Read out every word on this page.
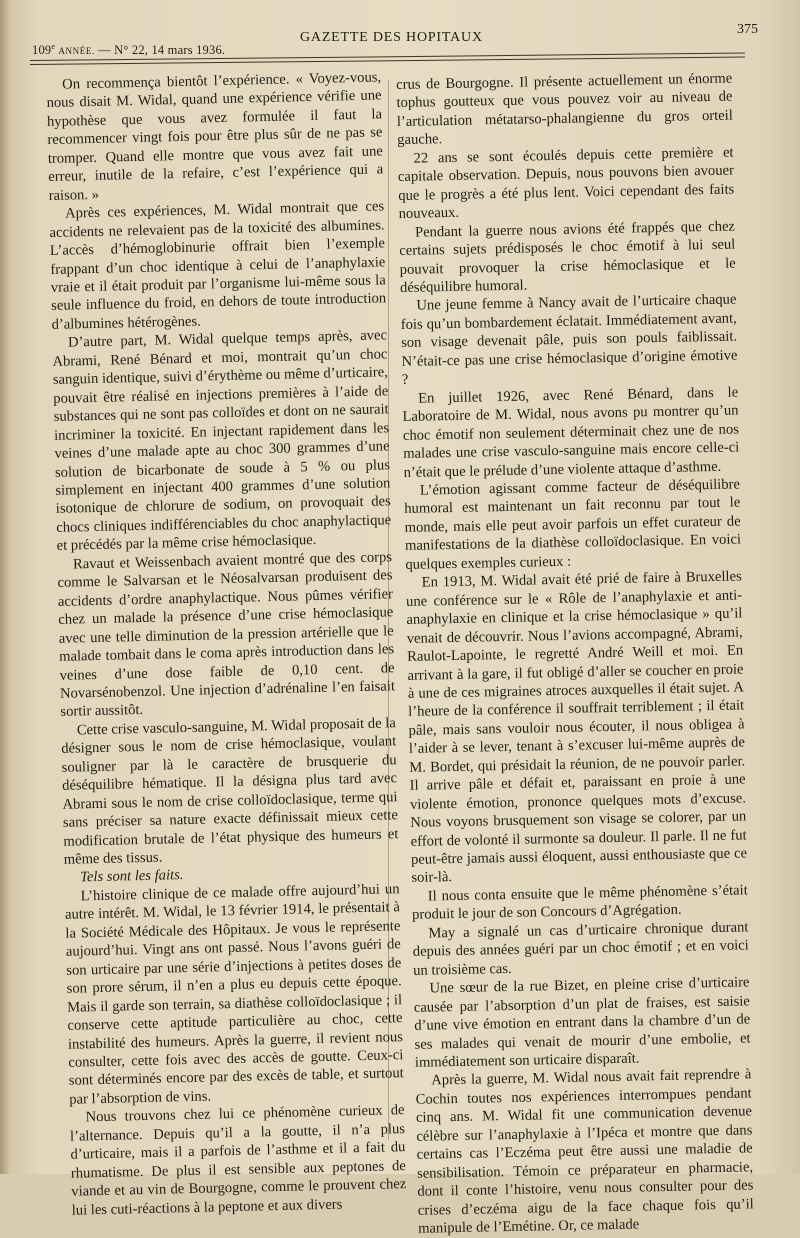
109e ANNÉE. — N° 22, 14 mars 1936.
GAZETTE DES HOPITAUX
375

On recommença bientôt l’expérience. « Voyez-vous, nous disait M. Widal, quand une expérience vérifie une hypothèse que vous avez formulée il faut la recommencer vingt fois pour être plus sûr de ne pas se tromper. Quand elle montre que vous avez fait une erreur, inutile de la refaire, c’est l’expérience qui a raison. »

Après ces expériences, M. Widal montrait que ces accidents ne relevaient pas de la toxicité des albumines. L’accès d’hémoglobinurie offrait bien l’exemple frappant d’un choc identique à celui de l’anaphylaxie vraie et il était produit par l’organisme lui-même sous la seule influence du froid, en dehors de toute introduction d’albumines hétérogènes.

D’autre part, M. Widal quelque temps après, avec Abrami, René Bénard et moi, montrait qu’un choc sanguin identique, suivi d’érythème ou même d’urticaire, pouvait être réalisé en injections premières à l’aide de substances qui ne sont pas colloïdes et dont on ne saurait incriminer la toxicité. En injectant rapidement dans les veines d’une malade apte au choc 300 grammes d’une solution de bicarbonate de soude à 5 % ou plus simplement en injectant 400 grammes d’une solution isotonique de chlorure de sodium, on provoquait des chocs cliniques indifférenciables du choc anaphylactique et précédés par la même crise hémoclasique.

Ravaut et Weissenbach avaient montré que des corps comme le Salvarsan et le Néosalvarsan produisent des accidents d’ordre anaphylactique. Nous pûmes vérifier chez un malade la présence d’une crise hémoclasique avec une telle diminution de la pression artérielle que le malade tombait dans le coma après introduction dans les veines d’une dose faible de 0,10 cent. de Novarsénobenzol. Une injection d’adrénaline l’en faisait sortir aussitôt.

Cette crise vasculo-sanguine, M. Widal proposait de la désigner sous le nom de crise hémoclasique, voulant souligner par là le caractère de brusquerie du déséquilibre hématique. Il la désigna plus tard avec Abrami sous le nom de crise colloïdoclasique, terme qui sans préciser sa nature exacte définissait mieux cette modification brutale de l’état physique des humeurs et même des tissus.

Tels sont les faits.

L’histoire clinique de ce malade offre aujourd’hui un autre intérêt. M. Widal, le 13 février 1914, le présentait à la Société Médicale des Hôpitaux. Je vous le représente aujourd’hui. Vingt ans ont passé. Nous l’avons guéri de son urticaire par une série d’injections à petites doses de son prore sérum, il n’en a plus eu depuis cette époque. Mais il garde son terrain, sa diathèse colloïdoclasique ; il conserve cette aptitude particulière au choc, cette instabilité des humeurs. Après la guerre, il revient nous consulter, cette fois avec des accès de goutte. Ceux-ci sont déterminés encore par des excès de table, et surtout par l’absorption de vins.

Nous trouvons chez lui ce phénomène curieux de l’alternance. Depuis qu’il a la goutte, il n’a plus d’urticaire, mais il a parfois de l’asthme et il a fait du rhumatisme. De plus il est sensible aux peptones de viande et au vin de Bourgogne, comme le prouvent chez lui les cuti-réactions à la peptone et aux divers

crus de Bourgogne. Il présente actuellement un énorme tophus goutteux que vous pouvez voir au niveau de l’articulation métatarso-phalangienne du gros orteil gauche.

22 ans se sont écoulés depuis cette première et capitale observation. Depuis, nous pouvons bien avouer que le progrès a été plus lent. Voici cependant des faits nouveaux.

Pendant la guerre nous avions été frappés que chez certains sujets prédisposés le choc émotif à lui seul pouvait provoquer la crise hémoclasique et le déséquilibre humoral.

Une jeune femme à Nancy avait de l’urticaire chaque fois qu’un bombardement éclatait. Immédiatement avant, son visage devenait pâle, puis son pouls faiblissait. N’était-ce pas une crise hémoclasique d’origine émotive ?

En juillet 1926, avec René Bénard, dans le Laboratoire de M. Widal, nous avons pu montrer qu’un choc émotif non seulement déterminait chez une de nos malades une crise vasculo-sanguine mais encore celle-ci n’était que le prélude d’une violente attaque d’asthme.

L’émotion agissant comme facteur de déséquilibre humoral est maintenant un fait reconnu par tout le monde, mais elle peut avoir parfois un effet curateur de manifestations de la diathèse colloïdoclasique. En voici quelques exemples curieux :

En 1913, M. Widal avait été prié de faire à Bruxelles une conférence sur le « Rôle de l’anaphylaxie et anti-anaphylaxie en clinique et la crise hémoclasique » qu’il venait de découvrir. Nous l’avions accompagné, Abrami, Raulot-Lapointe, le regretté André Weill et moi. En arrivant à la gare, il fut obligé d’aller se coucher en proie à une de ces migraines atroces auxquelles il était sujet. A l’heure de la conférence il souffrait terriblement ; il était pâle, mais sans vouloir nous écouter, il nous obligea à l’aider à se lever, tenant à s’excuser lui-même auprès de M. Bordet, qui présidait la réunion, de ne pouvoir parler. Il arrive pâle et défait et, paraissant en proie à une violente émotion, prononce quelques mots d’excuse. Nous voyons brusquement son visage se colorer, par un effort de volonté il surmonte sa douleur. Il parle. Il ne fut peut-être jamais aussi éloquent, aussi enthousiaste que ce soir-là.

Il nous conta ensuite que le même phénomène s’était produit le jour de son Concours d’Agrégation.

May a signalé un cas d’urticaire chronique durant depuis des années guéri par un choc émotif ; et en voici un troisième cas.

Une sœur de la rue Bizet, en pleine crise d’urticaire causée par l’absorption d’un plat de fraises, est saisie d’une vive émotion en entrant dans la chambre d’un de ses malades qui venait de mourir d’une embolie, et immédiatement son urticaire disparaît.

Après la guerre, M. Widal nous avait fait reprendre à Cochin toutes nos expériences interrompues pendant cinq ans. M. Widal fit une communication devenue célèbre sur l’anaphylaxie à l’Ipéca et montre que dans certains cas l’Eczéma peut être aussi une maladie de sensibilisation. Témoin ce préparateur en pharmacie, dont il conte l’histoire, venu nous consulter pour des crises d’eczéma aigu de la face chaque fois qu’il manipule de l’Emétine. Or, ce malade
